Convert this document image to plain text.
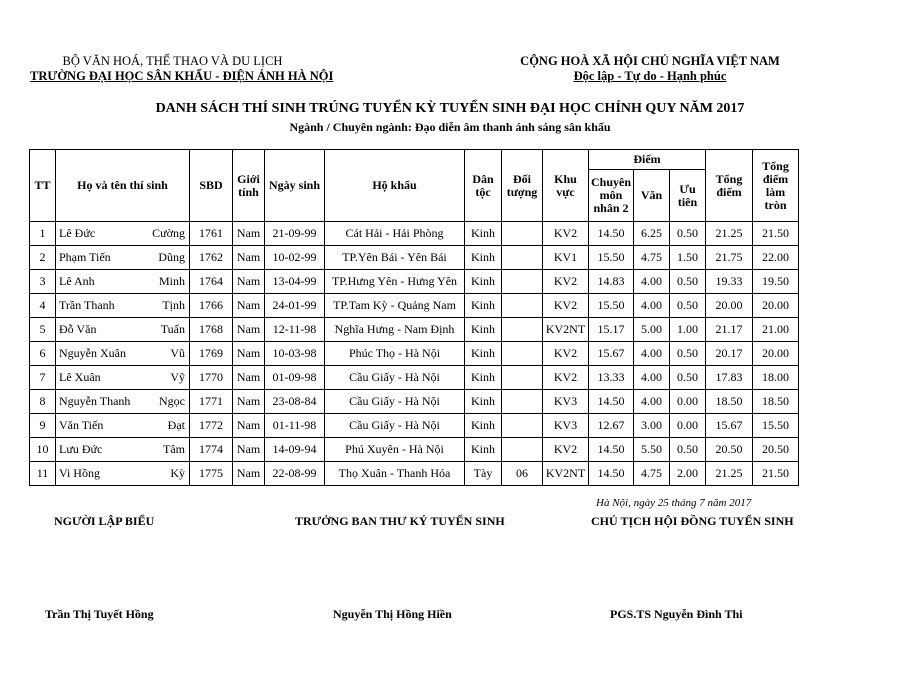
BỘ VĂN HOÁ, THỂ THAO VÀ DU LỊCH
TRƯỜNG ĐẠI HỌC SÂN KHẤU - ĐIỆN ẢNH HÀ NỘI
CỘNG HOÀ XÃ HỘI CHỦ NGHĨA VIỆT NAM
Độc lập - Tự do - Hạnh phúc
DANH SÁCH THÍ SINH TRÚNG TUYỂN KỲ TUYỂN SINH ĐẠI HỌC CHÍNH QUY NĂM 2017
Ngành / Chuyên ngành: Đạo diễn âm thanh ánh sáng sân khấu
TT	Họ và tên thí sinh	SBD	Giới tính	Ngày sinh	Hộ khẩu	Dân tộc	Đối tượng	Khu vực	Điểm			Tổng điểm	Tổng điểm làm tròn
									Chuyên môn nhân 2	Văn	Ưu tiên		
1	Lê Đức Cường	1761	Nam	21-09-99	Cát Hải - Hải Phòng	Kinh		KV2	14.50	6.25	0.50	21.25	21.50
2	Phạm Tiến Dũng	1762	Nam	10-02-99	TP.Yên Bái - Yên Bái	Kinh		KV1	15.50	4.75	1.50	21.75	22.00
3	Lê Anh Minh	1764	Nam	13-04-99	TP.Hưng Yên - Hưng Yên	Kinh		KV2	14.83	4.00	0.50	19.33	19.50
4	Trần Thanh Tịnh	1766	Nam	24-01-99	TP.Tam Kỳ - Quảng Nam	Kinh		KV2	15.50	4.00	0.50	20.00	20.00
5	Đỗ Văn Tuấn	1768	Nam	12-11-98	Nghĩa Hưng - Nam Định	Kinh		KV2NT	15.17	5.00	1.00	21.17	21.00
6	Nguyễn Xuân Vũ	1769	Nam	10-03-98	Phúc Thọ - Hà Nội	Kinh		KV2	15.67	4.00	0.50	20.17	20.00
7	Lê Xuân Vỹ	1770	Nam	01-09-98	Cầu Giấy - Hà Nội	Kinh		KV2	13.33	4.00	0.50	17.83	18.00
8	Nguyễn Thanh Ngọc	1771	Nam	23-08-84	Cầu Giấy - Hà Nội	Kinh		KV3	14.50	4.00	0.00	18.50	18.50
9	Văn Tiến Đạt	1772	Nam	01-11-98	Cầu Giấy - Hà Nội	Kinh		KV3	12.67	3.00	0.00	15.67	15.50
10	Lưu Đức Tâm	1774	Nam	14-09-94	Phú Xuyên - Hà Nội	Kinh		KV2	14.50	5.50	0.50	20.50	20.50
11	Vi Hồng Kỳ	1775	Nam	22-08-99	Thọ Xuân - Thanh Hóa	Tày	06	KV2NT	14.50	4.75	2.00	21.25	21.50
Hà Nội, ngày 25 tháng 7 năm 2017
NGƯỜI LẬP BIỂU	TRƯỞNG BAN THƯ KÝ TUYỂN SINH	CHỦ TỊCH HỘI ĐỒNG TUYỂN SINH
Trần Thị Tuyết Hồng	Nguyễn Thị Hồng Hiền	PGS.TS Nguyễn Đình Thi
